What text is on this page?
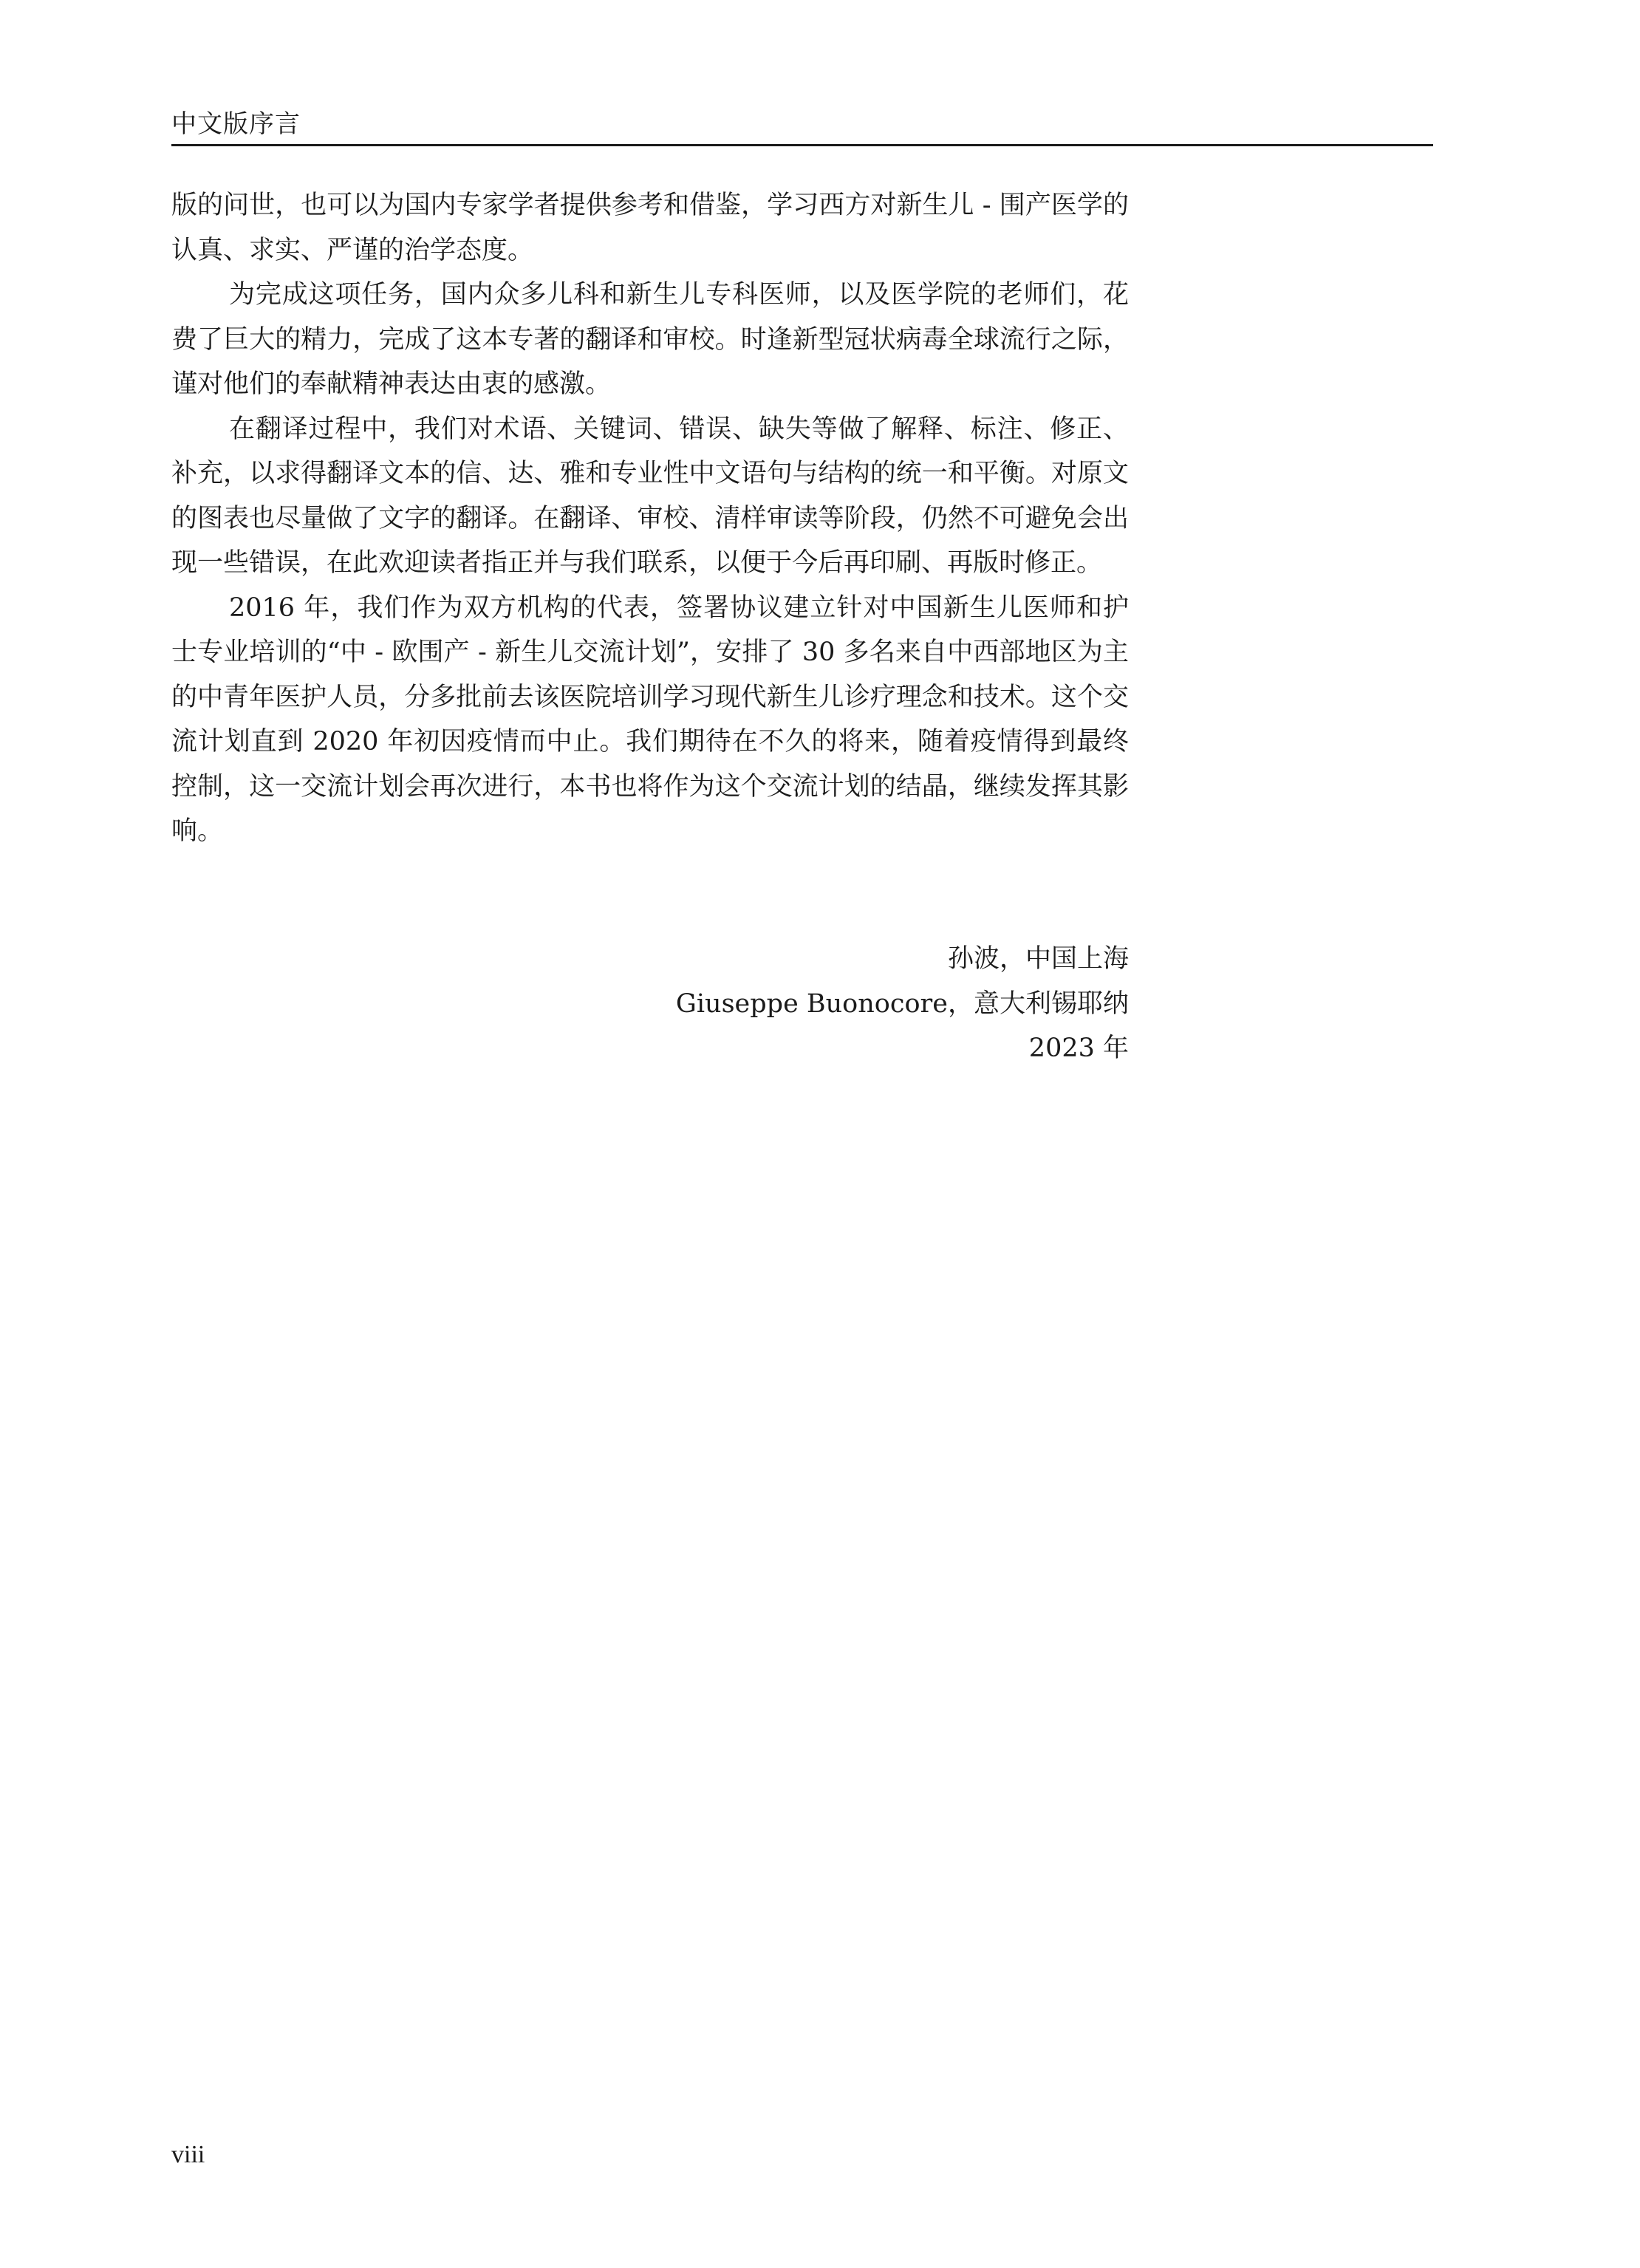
中文版序言

版的问世，也可以为国内专家学者提供参考和借鉴，学习西方对新生儿 - 围产医学的认真、求实、严谨的治学态度。

为完成这项任务，国内众多儿科和新生儿专科医师，以及医学院的老师们，花费了巨大的精力，完成了这本专著的翻译和审校。时逢新型冠状病毒全球流行之际，谨对他们的奉献精神表达由衷的感激。

在翻译过程中，我们对术语、关键词、错误、缺失等做了解释、标注、修正、补充，以求得翻译文本的信、达、雅和专业性中文语句与结构的统一和平衡。对原文的图表也尽量做了文字的翻译。在翻译、审校、清样审读等阶段，仍然不可避免会出现一些错误，在此欢迎读者指正并与我们联系，以便于今后再印刷、再版时修正。

2016 年，我们作为双方机构的代表，签署协议建立针对中国新生儿医师和护士专业培训的“中 - 欧围产 - 新生儿交流计划”，安排了 30 多名来自中西部地区为主的中青年医护人员，分多批前去该医院培训学习现代新生儿诊疗理念和技术。这个交流计划直到 2020 年初因疫情而中止。我们期待在不久的将来，随着疫情得到最终控制，这一交流计划会再次进行，本书也将作为这个交流计划的结晶，继续发挥其影响。

孙波，中国上海
Giuseppe Buonocore，意大利锡耶纳
2023 年
viii
